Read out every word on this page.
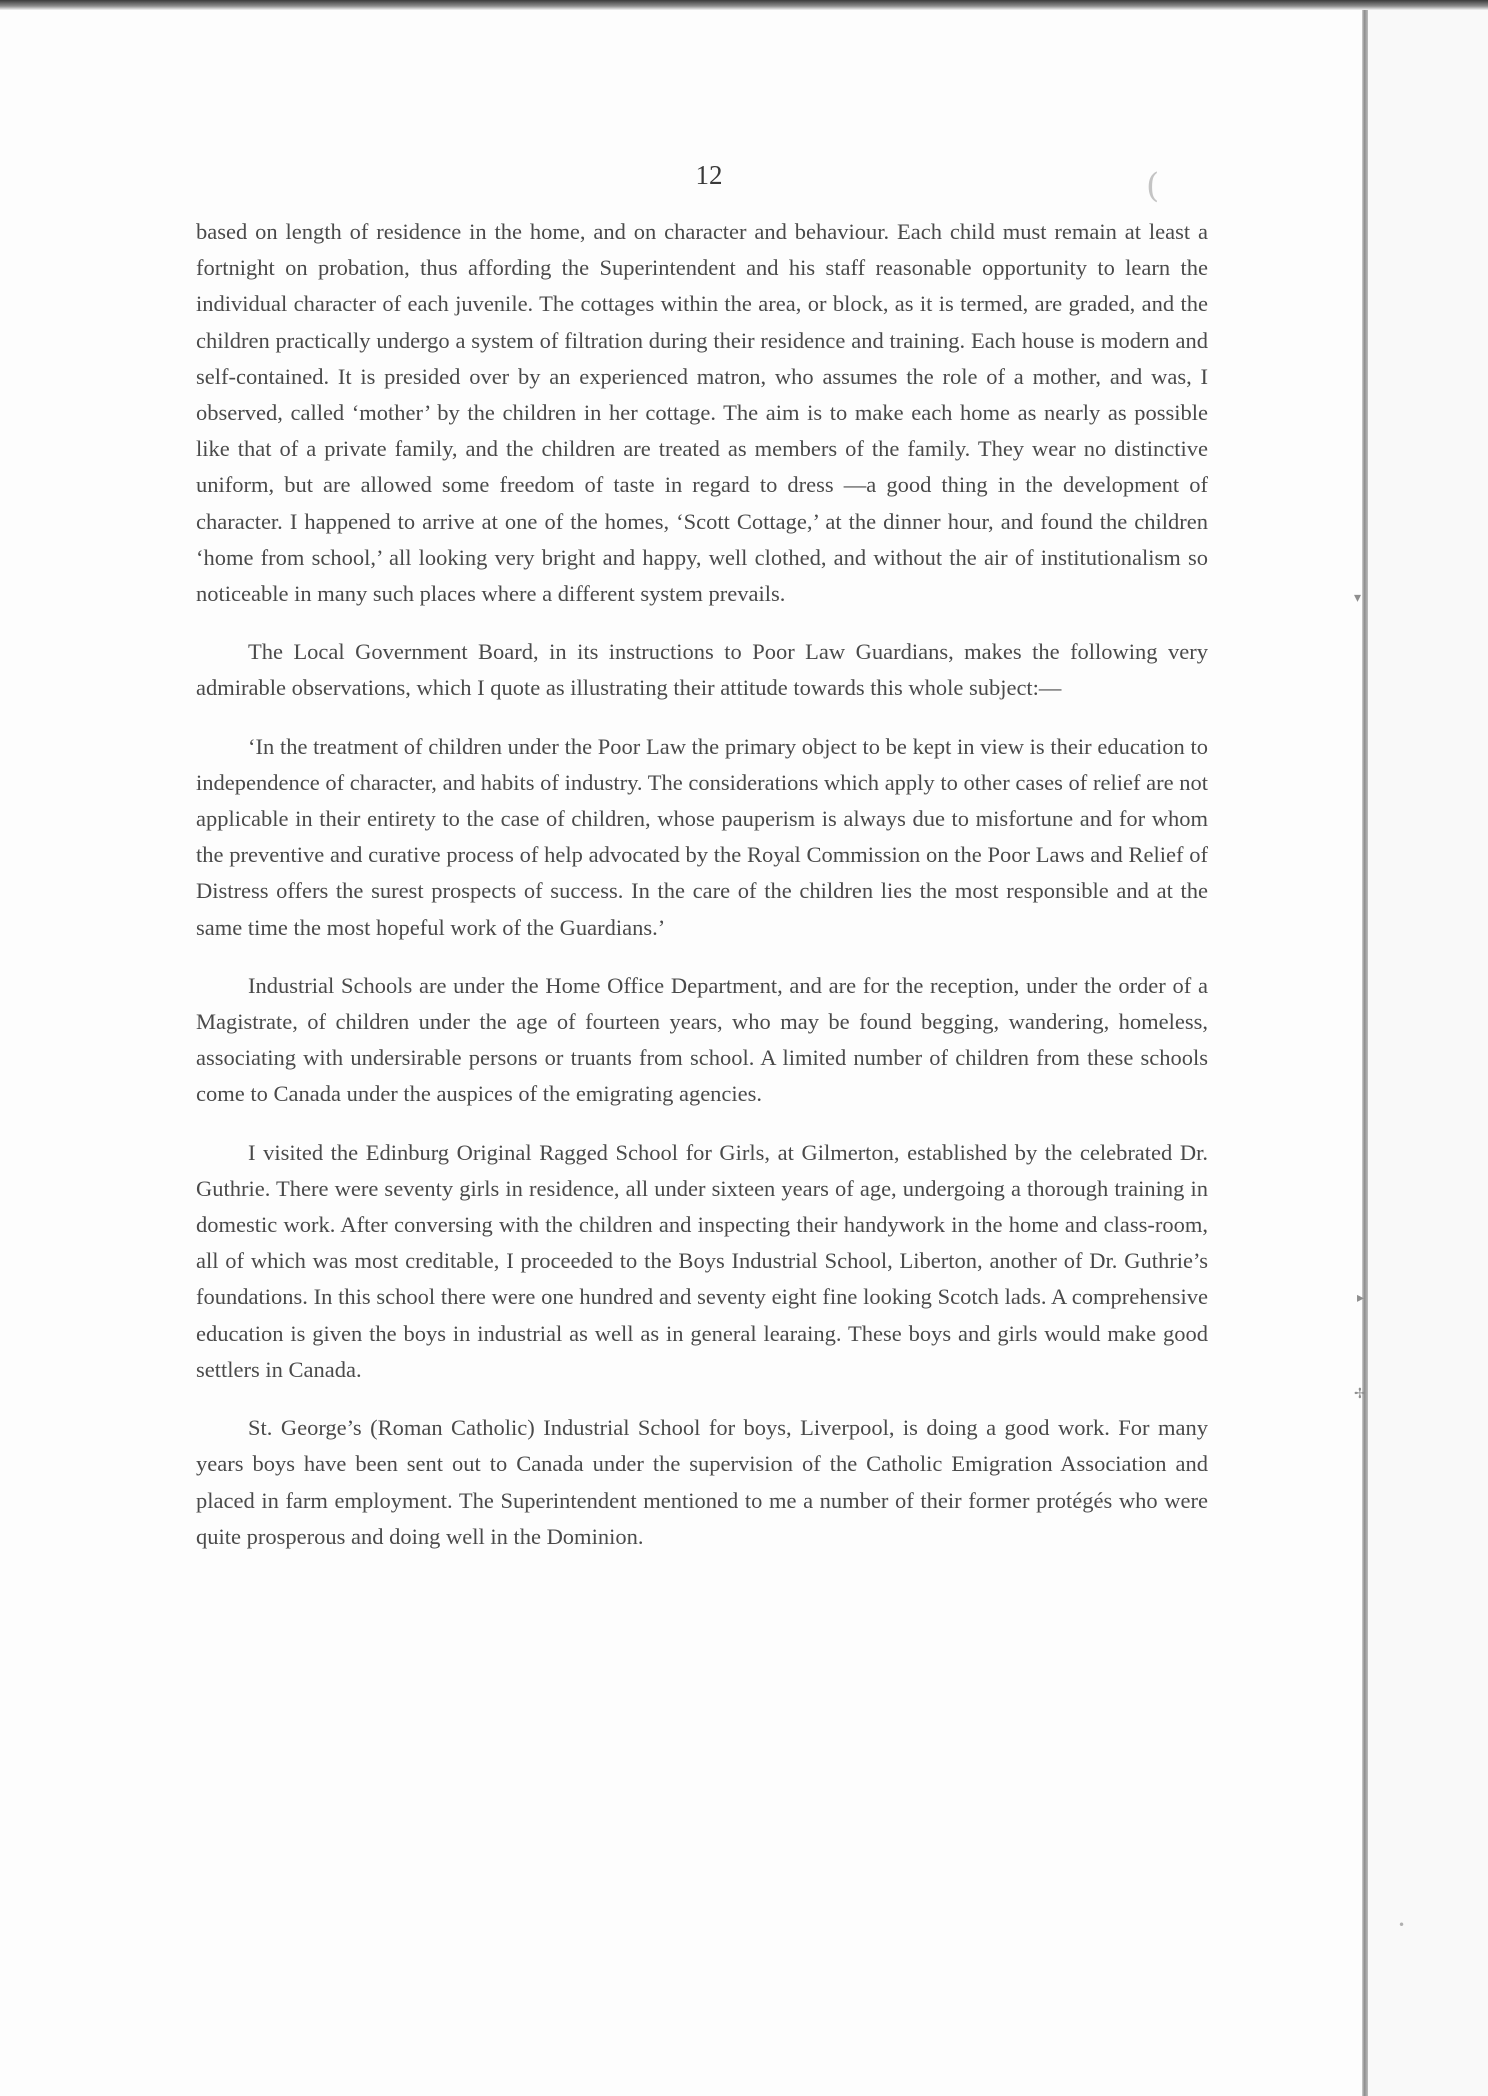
(
▾
▸
✢
•
12

based on length of residence in the home, and on character and behaviour. Each child must remain at least a fortnight on probation, thus affording the Superintendent and his staff reasonable opportunity to learn the individual character of each juvenile. The cottages within the area, or block, as it is termed, are graded, and the children practically undergo a system of filtration during their residence and training. Each house is modern and self-contained. It is presided over by an experienced matron, who assumes the role of a mother, and was, I observed, called ‘mother’ by the children in her cottage. The aim is to make each home as nearly as possible like that of a private family, and the children are treated as members of the family. They wear no distinctive uniform, but are allowed some freedom of taste in regard to dress —a good thing in the development of character. I happened to arrive at one of the homes, ‘Scott Cottage,’ at the dinner hour, and found the children ‘home from school,’ all looking very bright and happy, well clothed, and without the air of institutionalism so noticeable in many such places where a different system prevails.

The Local Government Board, in its instructions to Poor Law Guardians, makes the following very admirable observations, which I quote as illustrating their attitude towards this whole subject:—

‘In the treatment of children under the Poor Law the primary object to be kept in view is their education to independence of character, and habits of industry. The considerations which apply to other cases of relief are not applicable in their entirety to the case of children, whose pauperism is always due to misfortune and for whom the preventive and curative process of help advocated by the Royal Commission on the Poor Laws and Relief of Distress offers the surest prospects of success. In the care of the children lies the most responsible and at the same time the most hopeful work of the Guardians.’

Industrial Schools are under the Home Office Department, and are for the reception, under the order of a Magistrate, of children under the age of fourteen years, who may be found begging, wandering, homeless, associating with undersirable persons or truants from school. A limited number of children from these schools come to Canada under the auspices of the emigrating agencies.

I visited the Edinburg Original Ragged School for Girls, at Gilmerton, established by the celebrated Dr. Guthrie. There were seventy girls in residence, all under sixteen years of age, undergoing a thorough training in domestic work. After conversing with the children and inspecting their handywork in the home and class-room, all of which was most creditable, I proceeded to the Boys Industrial School, Liberton, another of Dr. Guthrie’s foundations. In this school there were one hundred and seventy eight fine looking Scotch lads. A comprehensive education is given the boys in industrial as well as in general learaing. These boys and girls would make good settlers in Canada.

St. George’s (Roman Catholic) Industrial School for boys, Liverpool, is doing a good work. For many years boys have been sent out to Canada under the supervision of the Catholic Emigration Association and placed in farm employment. The Superintendent mentioned to me a number of their former protégés who were quite prosperous and doing well in the Dominion.
